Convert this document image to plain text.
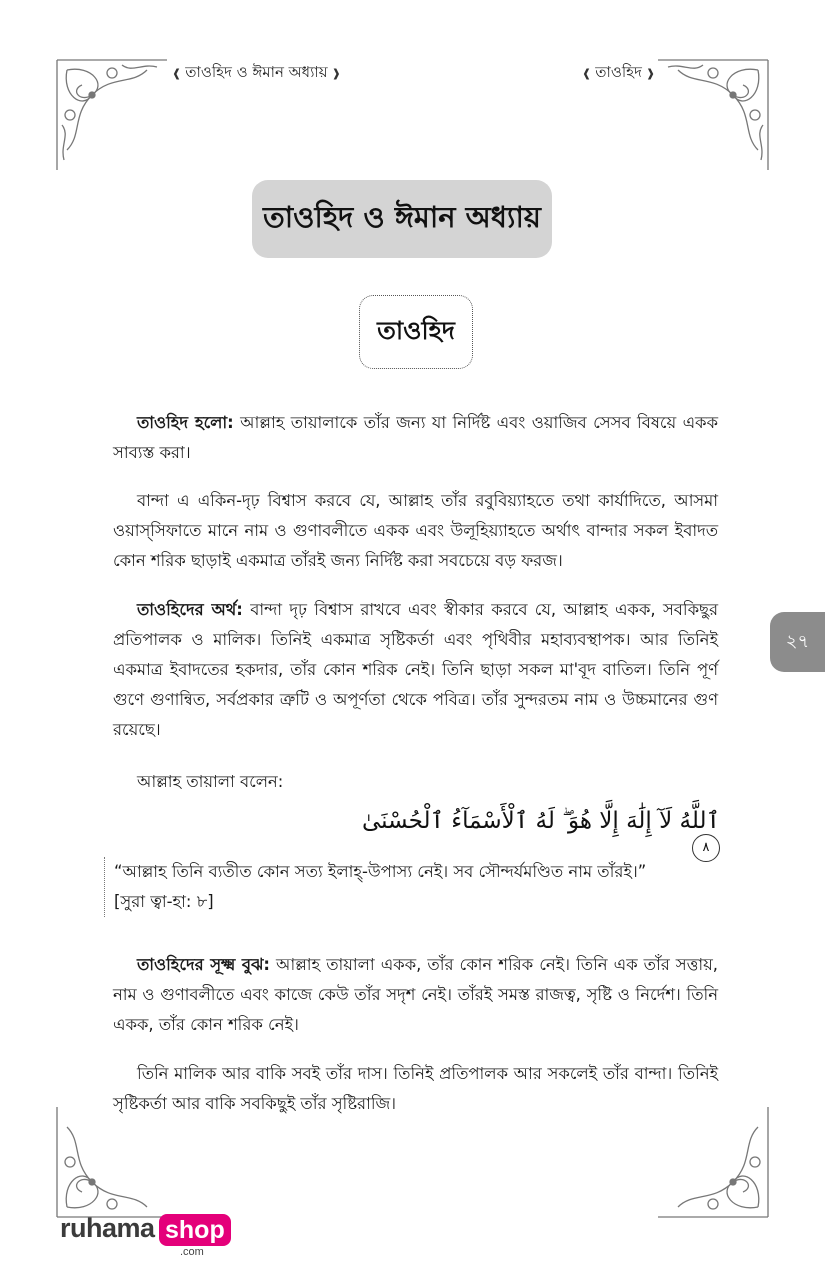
❰ তাওহিদ ও ঈমান অধ্যায় ❱	❰ তাওহিদ ❱
তাওহিদ ও ঈমান অধ্যায়
তাওহিদ
২৭

তাওহিদ হলো: আল্লাহ তায়ালাকে তাঁর জন্য যা নির্দিষ্ট এবং ওয়াজিব সেসব বিষয়ে একক সাব্যস্ত করা।

বান্দা এ একিন-দৃঢ় বিশ্বাস করবে যে, আল্লাহ তাঁর রবুবিয়্যাহতে তথা কার্যাদিতে, আসমা ওয়াস্‌সিফাতে মানে নাম ও গুণাবলীতে একক এবং উলূহিয়্যাহতে অর্থাৎ বান্দার সকল ইবাদত কোন শরিক ছাড়াই একমাত্র তাঁরই জন্য নির্দিষ্ট করা সবচেয়ে বড় ফরজ।

তাওহিদের অর্থ: বান্দা দৃঢ় বিশ্বাস রাখবে এবং স্বীকার করবে যে, আল্লাহ একক, সবকিছুর প্রতিপালক ও মালিক। তিনিই একমাত্র সৃষ্টিকর্তা এবং পৃথিবীর মহাব্যবস্থাপক। আর তিনিই একমাত্র ইবাদতের হকদার, তাঁর কোন শরিক নেই। তিনি ছাড়া সকল মা'বূদ বাতিল। তিনি পূর্ণ গুণে গুণান্বিত, সর্বপ্রকার ত্রুটি ও অপূর্ণতা থেকে পবিত্র। তাঁর সুন্দরতম নাম ও উচ্চমানের গুণ রয়েছে।

আল্লাহ তায়ালা বলেন:

ٱللَّهُ لَآ إِلَٰهَ إِلَّا هُوَ ۖ لَهُ ٱلْأَسْمَآءُ ٱلْحُسْنَىٰ٨

“আল্লাহ তিনি ব্যতীত কোন সত্য ইলাহ্-উপাস্য নেই। সব সৌন্দর্যমণ্ডিত নাম তাঁরই।”

[সুরা ত্বা-হা: ৮]

তাওহিদের সূক্ষ্ম বুঝ: আল্লাহ তায়ালা একক, তাঁর কোন শরিক নেই। তিনি এক তাঁর সত্তায়, নাম ও গুণাবলীতে এবং কাজে কেউ তাঁর সদৃশ নেই। তাঁরই সমস্ত রাজত্ব, সৃষ্টি ও নির্দেশ। তিনি একক, তাঁর কোন শরিক নেই।

তিনি মালিক আর বাকি সবই তাঁর দাস। তিনিই প্রতিপালক আর সকলেই তাঁর বান্দা। তিনিই সৃষ্টিকর্তা আর বাকি সবকিছুই তাঁর সৃষ্টিরাজি।

ruhama shop
.com
